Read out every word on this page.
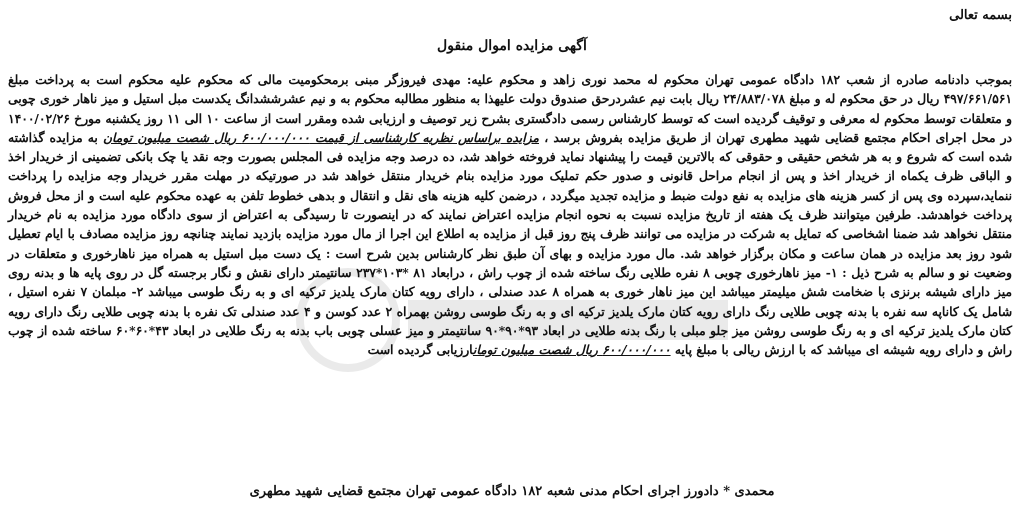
بسمه تعالی
آگهی مزایده اموال منقول
بموجب دادنامه صادره از شعب ۱۸۲ دادگاه عمومی تهران محکوم له محمد نوری زاهد و محکوم علیه: مهدی فیروزگر مبنی برمحکومیت مالی که محکوم علیه محکوم است به پرداخت مبلغ ۴۹۷/۶۶۱/۵۶۱ ریال در حق محکوم له و مبلغ ۲۴/۸۸۳/۰۷۸ ریال بابت نیم عشردرحق صندوق دولت علیهذا به منظور مطالبه محکوم به و نیم عشرششدانگ یکدست مبل استیل و میز ناهار خوری چوبی و متعلقات توسط محکوم له معرفی و توقیف گردیده است که توسط کارشناس رسمی دادگستری بشرح زیر توصیف و ارزیابی شده ومقرر است از ساعت ۱۰ الی ۱۱ روز یکشنبه مورخ ۱۴۰۰/۰۲/۲۶ در محل اجرای احکام مجتمع قضایی شهید مطهری تهران از طریق مزایده بفروش برسد ، مزایده براساس نظریه کارشناسی از قیمت ۶۰۰/۰۰۰/۰۰۰ ریال شصت میلیون تومان به مزایده گذاشته شده است که شروع و به هر شخص حقیقی و حقوقی که بالاترین قیمت را پیشنهاد نماید فروخته خواهد شد، ده درصد وجه مزایده فی المجلس بصورت وجه نقد یا چک بانکی تضمینی از خریدار اخذ و الباقی ظرف یکماه از خریدار اخذ و پس از انجام مراحل قانونی و صدور حکم تملیک مورد مزایده بنام خریدار منتقل خواهد شد در صورتیکه در مهلت مقرر خریدار وجه مزایده را پرداخت ننماید،سپرده وی پس از کسر هزینه های مزایده به نفع دولت ضبط و مزایده تجدید میگردد ، درضمن کلیه هزینه های نقل و انتقال و بدهی خطوط تلفن به عهده محکوم علیه است و از محل فروش پرداخت خواهدشد. طرفین میتوانند ظرف یک هفته از تاریخ مزایده نسبت به نحوه انجام مزایده اعتراض نمایند که در اینصورت تا رسیدگی به اعتراض از سوی دادگاه مورد مزایده به نام خریدار منتقل نخواهد شد ضمنا اشخاصی که تمایل به شرکت در مزایده می توانند ظرف پنج روز قبل از مزایده به اطلاع این اجرا از مال مورد مزایده بازدید نمایند چنانچه روز مزایده مصادف با ایام تعطیل شود روز بعد مزایده در همان ساعت و مکان برگزار خواهد شد. مال مورد مزایده و بهای آن طبق نظر کارشناس بدین شرح است : یک دست مبل استیل به همراه میز ناهارخوری و متعلقات در وضعیت نو و سالم به شرح ذیل : ۱- میز ناهارخوری چوبی ۸ نفره طلایی رنگ ساخته شده از چوب راش ، درابعاد ۸۱ *۱۰۳*۲۳۷ سانتیمتر دارای نقش و نگار برجسته گل در روی پایه ها و بدنه روی میز دارای شیشه برنزی با ضخامت شش میلیمتر میباشد این میز ناهار خوری به همراه ۸ عدد صندلی ، دارای رویه کتان مارک یلدیز ترکیه ای و به رنگ طوسی میباشد ۲- مبلمان ۷ نفره استیل ، شامل یک کاناپه سه نفره با بدنه چوبی طلایی رنگ دارای رویه کتان مارک یلدیز ترکیه ای و به رنگ طوسی روشن بهمراه ۲ عدد کوسن و ۴ عدد صندلی تک نفره با بدنه چوبی طلایی رنگ دارای رویه کتان مارک یلدیز ترکیه ای و به رنگ طوسی روشن میز جلو مبلی با رنگ بدنه طلایی در ابعاد ۹۳*۹۰*۹۰ سانتیمتر و میز عسلی چوبی باب بدنه به رنگ طلایی در ابعاد ۴۳*۶۰*۶۰ ساخته شده از چوب راش و دارای رویه شیشه ای میباشد که با ارزش ریالی با مبلغ پایه ۶۰۰/۰۰۰/۰۰۰ ریال شصت میلیون تومانارزیابی گردیده است
محمدی * دادورز اجرای احکام مدنی شعبه ۱۸۲ دادگاه عمومی تهران مجتمع قضایی شهید مطهری
